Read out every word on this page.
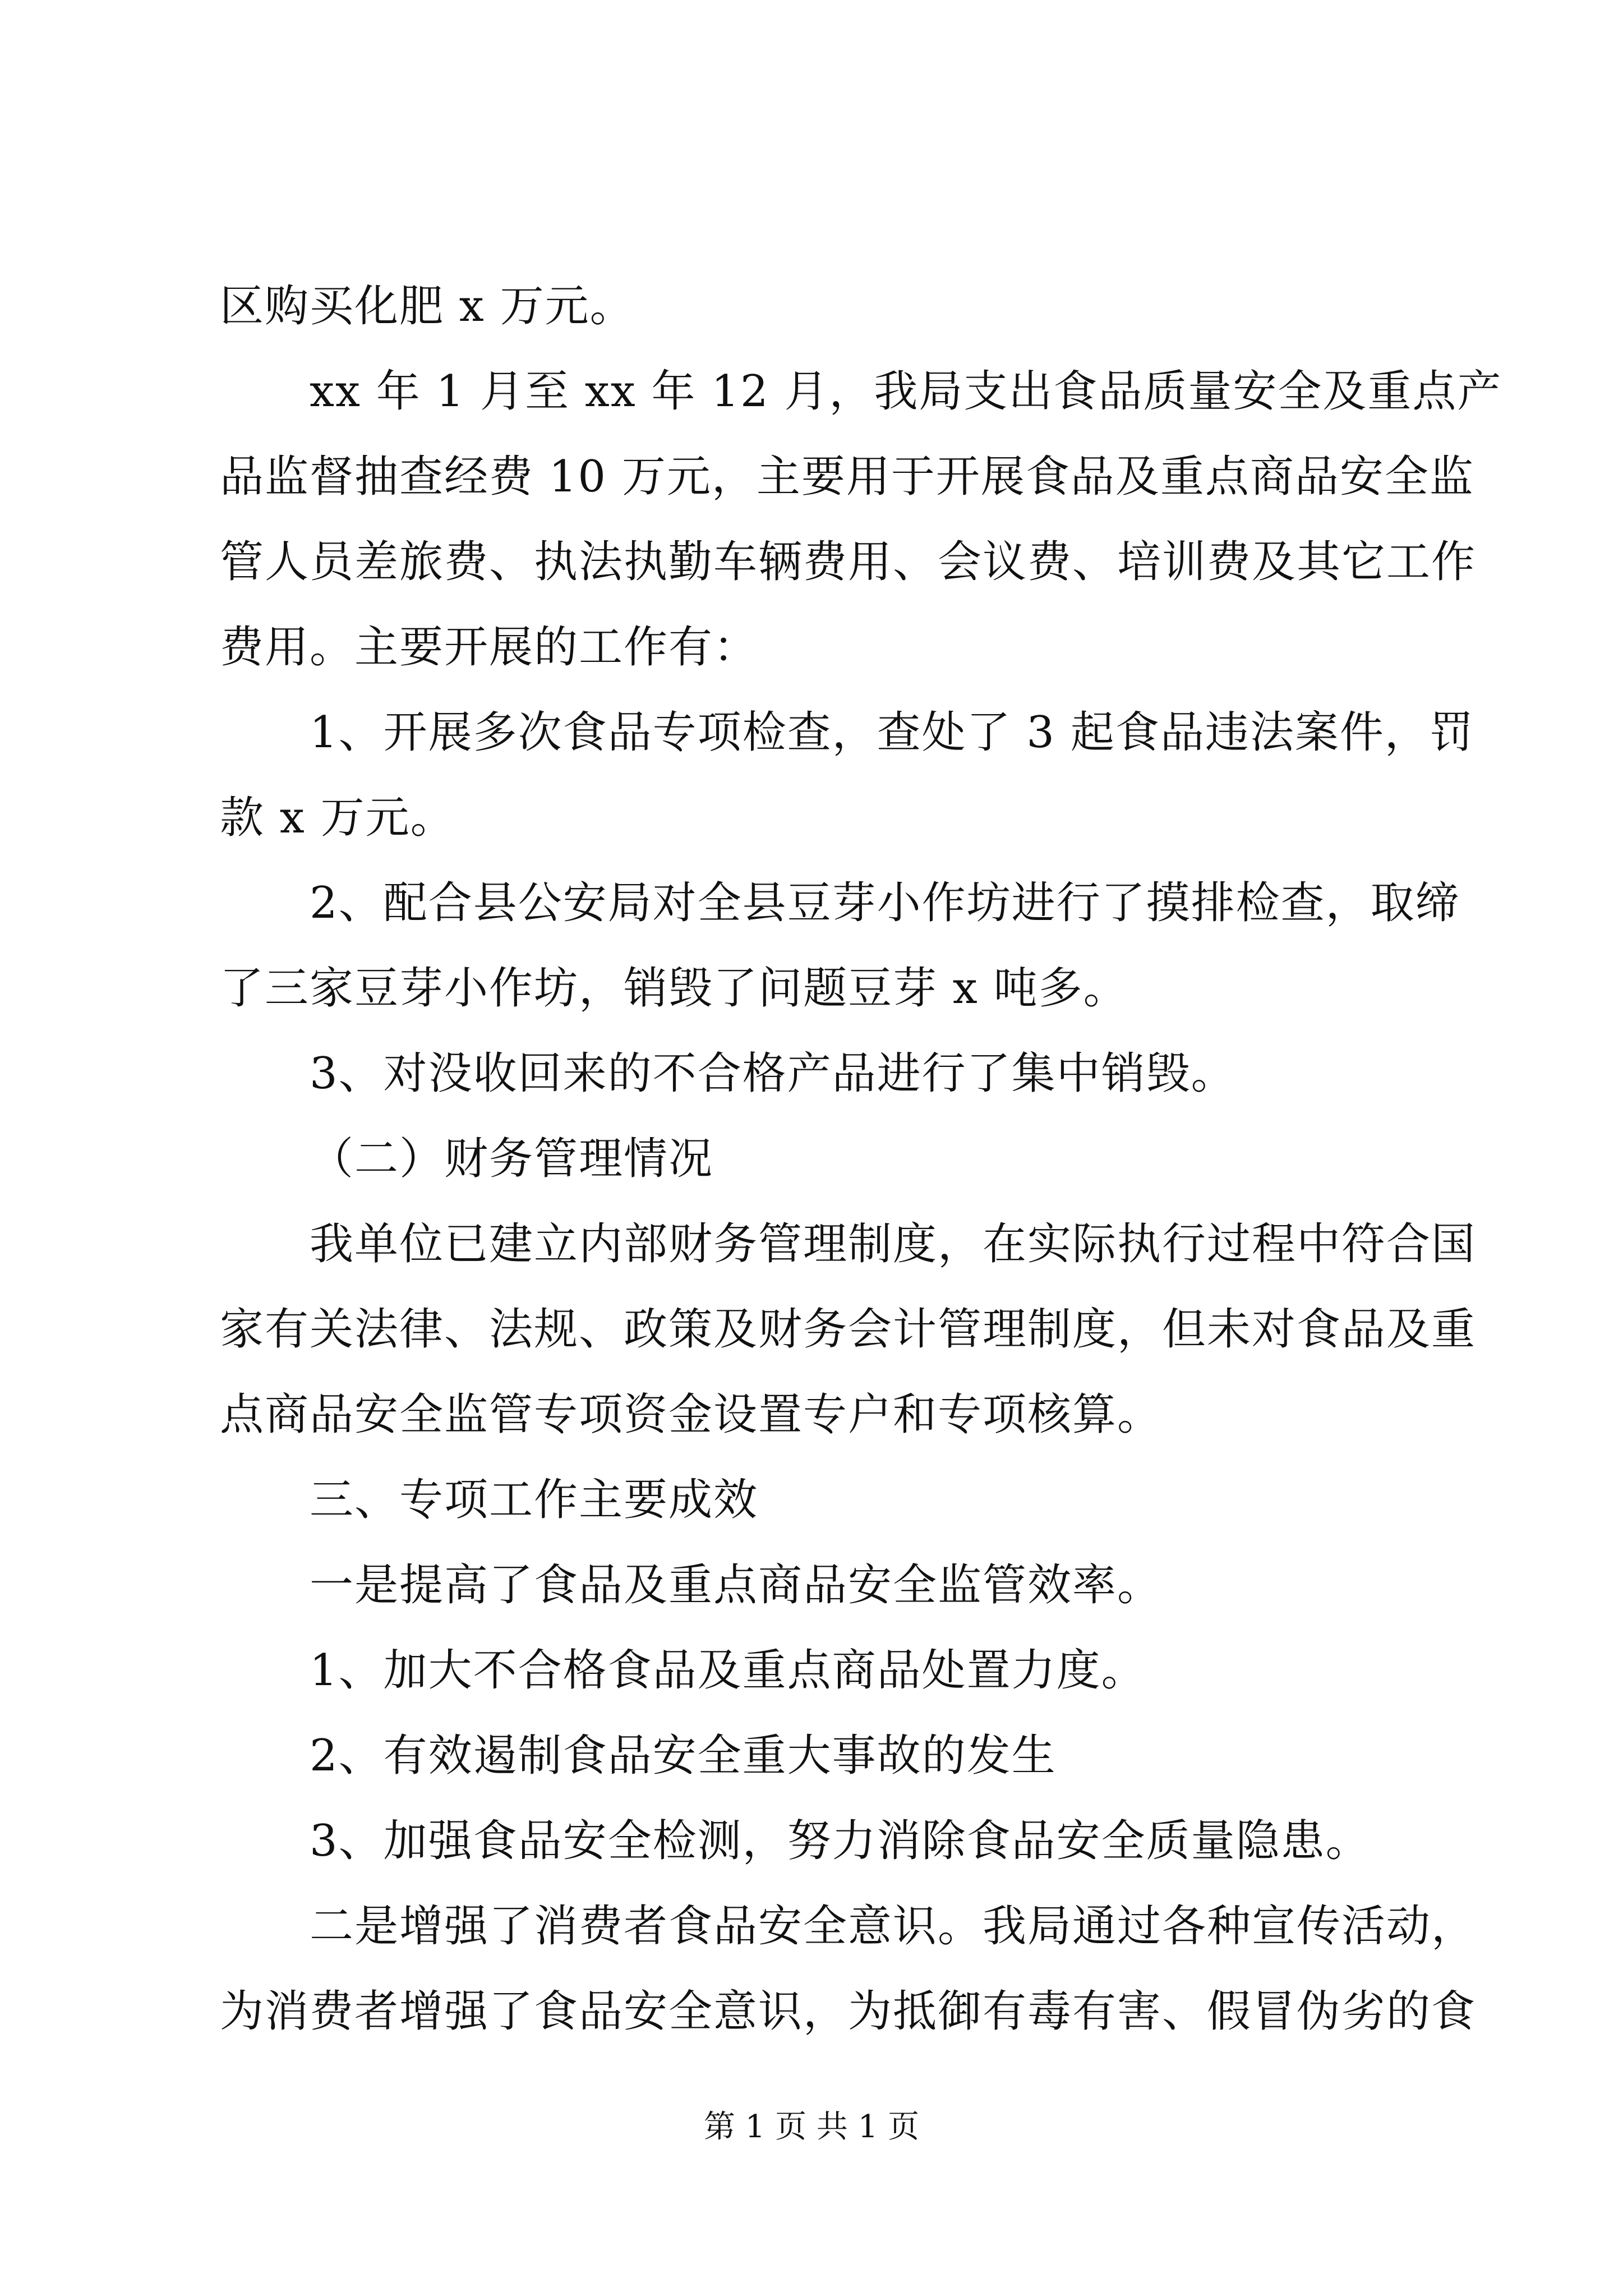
区购买化肥 x 万元。
xx 年 1 月至 xx 年 12 月，我局支出食品质量安全及重点产
品监督抽查经费 10 万元，主要用于开展食品及重点商品安全监
管人员差旅费、执法执勤车辆费用、会议费、培训费及其它工作
费用。主要开展的工作有：
1、开展多次食品专项检查，查处了 3 起食品违法案件，罚
款 x 万元。
2、配合县公安局对全县豆芽小作坊进行了摸排检查，取缔
了三家豆芽小作坊，销毁了问题豆芽 x 吨多。
3、对没收回来的不合格产品进行了集中销毁。
（二）财务管理情况
我单位已建立内部财务管理制度，在实际执行过程中符合国
家有关法律、法规、政策及财务会计管理制度，但未对食品及重
点商品安全监管专项资金设置专户和专项核算。
三、专项工作主要成效
一是提高了食品及重点商品安全监管效率。
1、加大不合格食品及重点商品处置力度。
2、有效遏制食品安全重大事故的发生
3、加强食品安全检测，努力消除食品安全质量隐患。
二是增强了消费者食品安全意识。我局通过各种宣传活动，
为消费者增强了食品安全意识，为抵御有毒有害、假冒伪劣的食
第 1 页 共 1 页
